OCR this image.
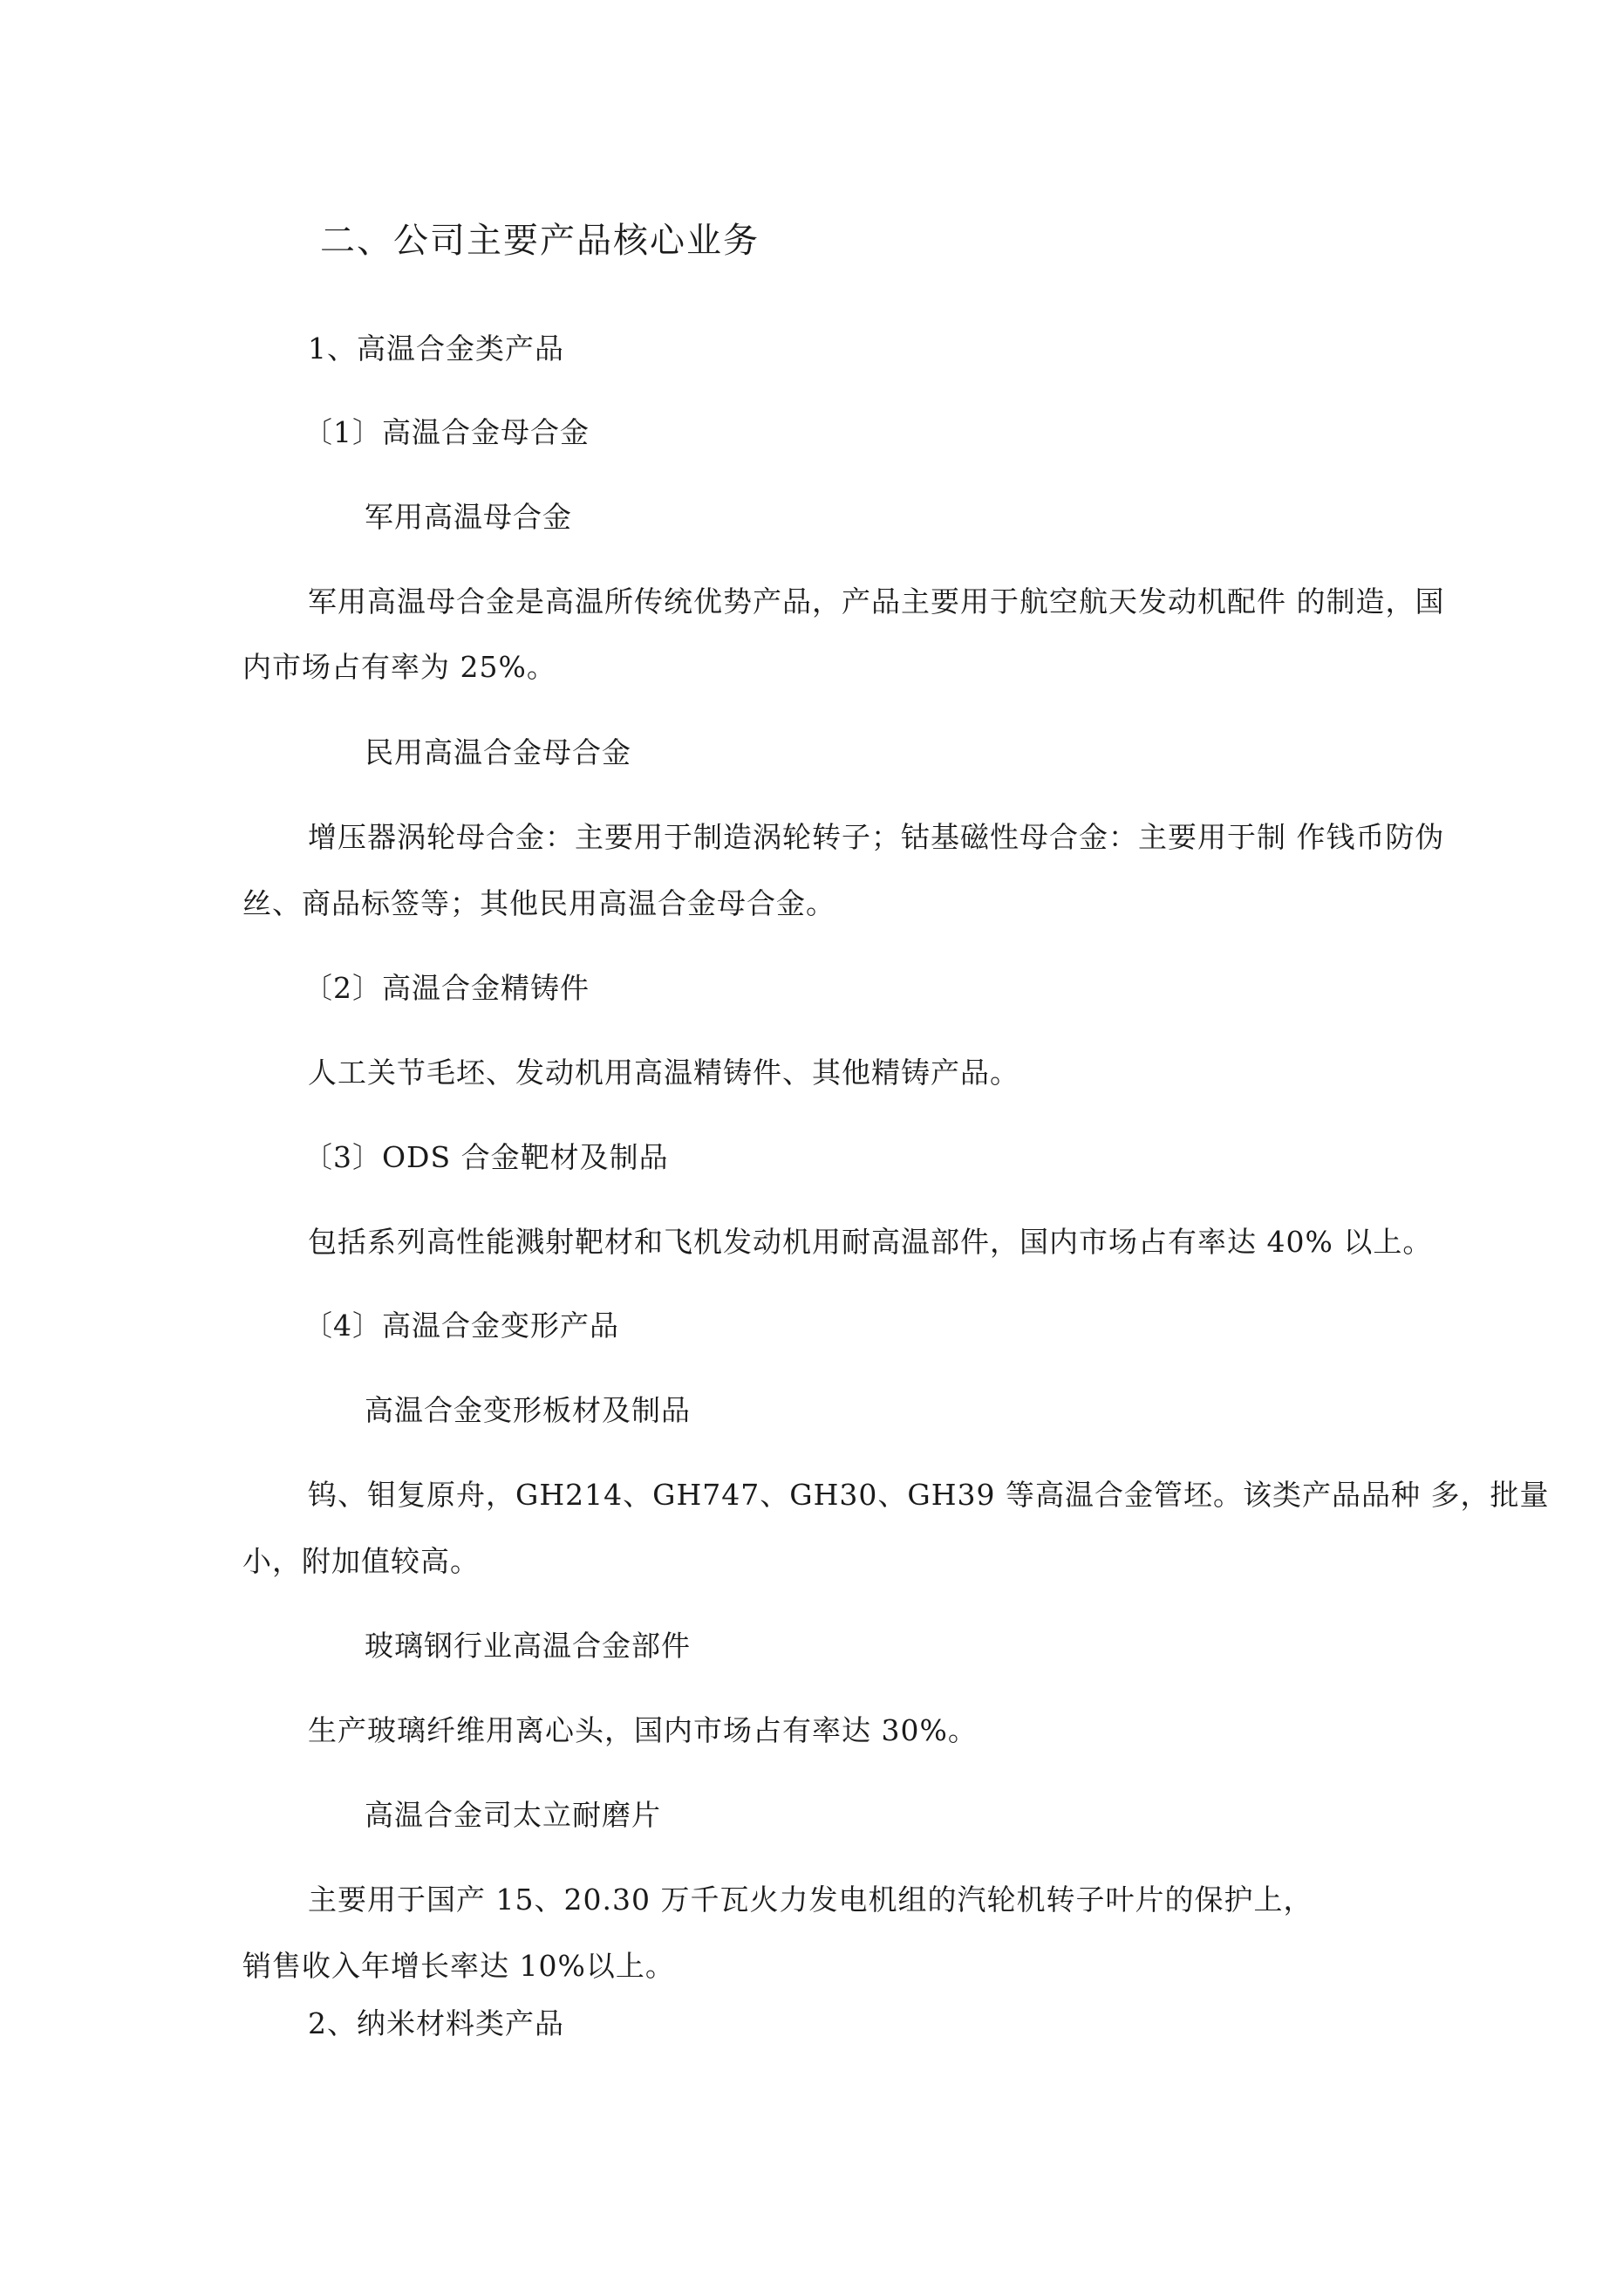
二、公司主要产品核心业务
1、高温合金类产品
〔1〕高温合金母合金
军用高温母合金
军用高温母合金是高温所传统优势产品，产品主要用于航空航天发动机配件 的制造，国
内市场占有率为 25%。
民用高温合金母合金
增压器涡轮母合金：主要用于制造涡轮转子；钴基磁性母合金：主要用于制 作钱币防伪
丝、商品标签等；其他民用高温合金母合金。
〔2〕高温合金精铸件
人工关节毛坯、发动机用高温精铸件、其他精铸产品。
〔3〕ODS 合金靶材及制品
包括系列高性能溅射靶材和飞机发动机用耐高温部件，国内市场占有率达 40% 以上。
〔4〕高温合金变形产品
高温合金变形板材及制品
钨、钼复原舟，GH214、GH747、GH30、GH39 等高温合金管坯。该类产品品种 多，批量
小，附加值较高。
玻璃钢行业高温合金部件
生产玻璃纤维用离心头，国内市场占有率达 30%。
高温合金司太立耐磨片
主要用于国产 15、20.30 万千瓦火力发电机组的汽轮机转子叶片的保护上，
销售收入年增长率达 10%以上。
2、纳米材料类产品
